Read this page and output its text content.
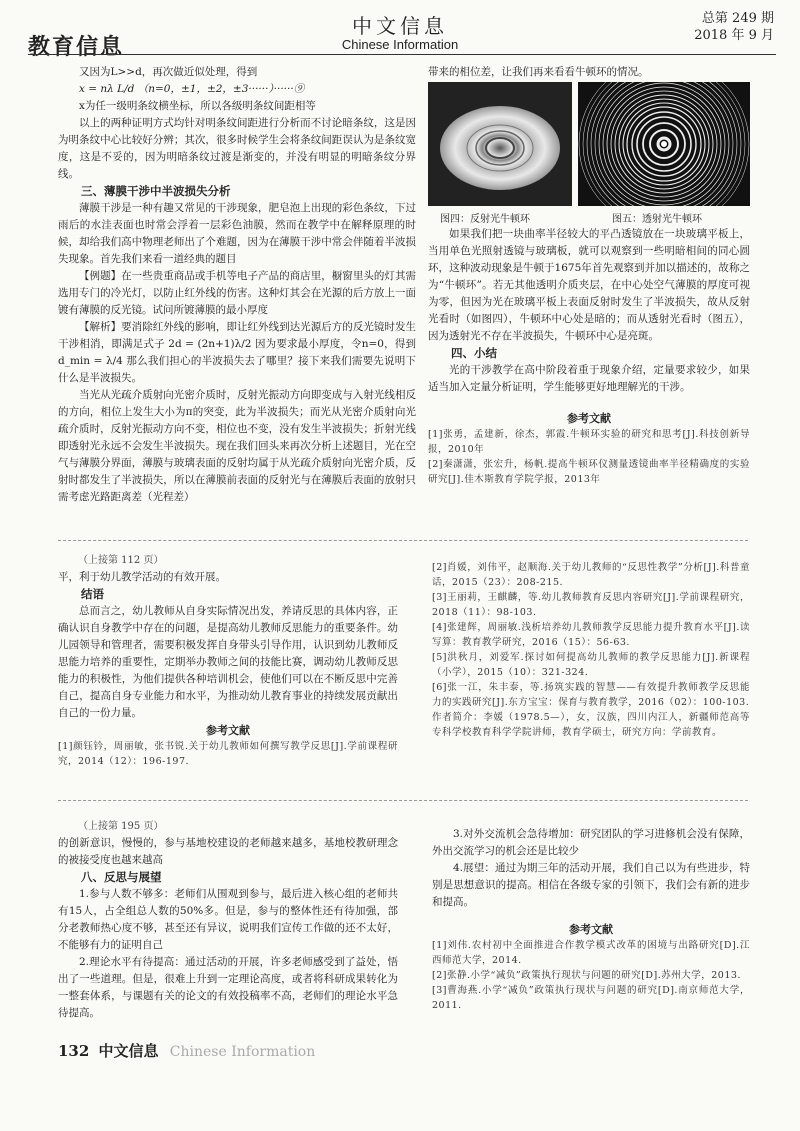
教育信息
中文信息
Chinese Information
总第 249 期
2018 年 9 月

又因为L>>d，再次做近似处理，得到

x = nλ L/d （n=0，±1，±2，±3······）······⑨

x为任一级明条纹横坐标，所以各级明条纹间距相等

以上的两种证明方式均针对明条纹间距进行分析而不讨论暗条纹，这是因为明条纹中心比较好分辨；其次，很多时候学生会将条纹间距误认为是条纹宽度，这是不妥的，因为明暗条纹过渡是渐变的，并没有明显的明暗条纹分界线。

三、薄膜干涉中半波损失分析

薄膜干涉是一种有趣又常见的干涉现象，肥皂泡上出现的彩色条纹，下过雨后的水洼表面也时常会浮着一层彩色油膜，然而在教学中在解释原理的时候，却给我们高中物理老师出了个难题，因为在薄膜干涉中常会伴随着半波损失现象。首先我们来看一道经典的题目

【例题】在一些贵重商品或手机等电子产品的商店里，橱窗里头的灯其需选用专门的冷光灯，以防止红外线的伤害。这种灯其会在光源的后方放上一面镀有薄膜的反光镜。试问所镀薄膜的最小厚度

【解析】要消除红外线的影响，即让红外线到达光源后方的反光镜时发生干涉相消，即满足式子 2d = (2n+1)λ/2 因为要求最小厚度，令n=0，得到 d_min = λ/4 那么我们担心的半波损失去了哪里？接下来我们需要先说明下什么是半波损失。

当光从光疏介质射向光密介质时，反射光振动方向即变成与入射光线相反的方向，相位上发生大小为π的突变，此为半波损失；而光从光密介质射向光疏介质时，反射光振动方向不变，相位也不变，没有发生半波损失；折射光线即透射光永远不会发生半波损失。现在我们回头来再次分析上述题目，光在空气与薄膜分界面，薄膜与玻璃表面的反射均属于从光疏介质射向光密介质，反射时都发生了半波损失，所以在薄膜前表面的反射光与在薄膜后表面的放射只需考虑光路距离差（光程差）

带来的相位差，让我们再来看看牛顿环的情况。

图四：反射光牛顿环	图五：透射光牛顿环

如果我们把一块曲率半径较大的平凸透镜放在一块玻璃平板上，当用单色光照射透镜与玻璃板，就可以观察到一些明暗相间的同心圆环，这种波动现象是牛顿于1675年首先观察到并加以描述的，故称之为“牛顿环”。若无其他透明介质夹层，在中心处空气薄膜的厚度可视为零，但因为光在玻璃平板上表面反射时发生了半波损失，故从反射光看时（如图四），牛顿环中心处是暗的；而从透射光看时（图五），因为透射光不存在半波损失，牛顿环中心是亮斑。

四、小结

光的干涉教学在高中阶段着重于现象介绍，定量要求较少，如果适当加入定量分析证明，学生能够更好地理解光的干涉。

参考文献

[1]张勇，孟建新，徐杰，郭霞.牛顿环实验的研究和思考[J].科技创新导报，2010年

[2]秦潇潇，张宏升，杨帆.提高牛顿环仪测量透镜曲率半径精确度的实验研究[J].佳木斯教育学院学报，2013年

（上接第 112 页）

平，利于幼儿教学活动的有效开展。

结语

总而言之，幼儿教师从自身实际情况出发，养请反思的具体内容，正确认识自身教学中存在的问题，是提高幼儿教师反思能力的重要条件。幼儿园领导和管理者，需要积极发挥自身带头引导作用，认识到幼儿教师反思能力培养的重要性，定期举办教师之间的技能比赛，调动幼儿教师反思能力的积极性，为他们提供各种培训机会，使他们可以在不断反思中完善自己，提高自身专业能力和水平，为推动幼儿教育事业的持续发展贡献出自己的一份力量。

参考文献

[1]颜钰钤，周丽敏，张书锐.关于幼儿教师如何撰写教学反思[J].学前课程研究，2014（12）：196-197.

[2]肖媛，刘伟平，赵顺海.关于幼儿教师的“反思性教学”分析[J].科普童话，2015（23）：208-215.

[3]王丽莉，王麒麟，等.幼儿教师教育反思内容研究[J].学前课程研究，2018（11）：98-103.

[4]张建辉，周丽敏.浅析培养幼儿教师教学反思能力提升教育水平[J].读写算：教育教学研究，2016（15）：56-63.

[5]洪秋月，刘爱军.探讨如何提高幼儿教师的教学反思能力[J].新课程（小学），2015（10）：321-324.

[6]张一江，朱丰泰，等.扬筑实践的智慧——有效提升教师教学反思能力的实践研究[J].东方宝宝：保育与教育教学，2016（02）：100-103.

作者简介：李媛（1978.5—），女，汉族，四川内江人，新疆师范高等专科学校教育科学学院讲师，教育学硕士，研究方向：学前教育。

（上接第 195 页）

的创新意识，慢慢的，参与基地校建设的老师越来越多，基地校教研理念的被接受度也越来越高

八、反思与展望

1.参与人数不够多：老师们从围观到参与，最后进入核心组的老师共有15人，占全组总人数的50%多。但是，参与的整体性还有待加强，部分老教师热心度不够，甚至还有异议，说明我们宣传工作做的还不太好，不能够有力的证明自己

2.理论水平有待提高：通过活动的开展，许多老师感受到了益处，悟出了一些道理。但是，很难上升到一定理论高度，或者将科研成果转化为一整套体系，与课题有关的论文的有效投稿率不高，老师们的理论水平急待提高。

3.对外交流机会急待增加：研究团队的学习进修机会没有保障，外出交流学习的机会还是比较少

4.展望：通过为期三年的活动开展，我们自己以为有些进步，特别是思想意识的提高。相信在各级专家的引领下，我们会有新的进步和提高。

参考文献

[1]刘伟.农村初中全面推进合作教学模式改革的困境与出路研究[D].江西师范大学，2014.

[2]张静.小学“减负”政策执行现状与问题的研究[D].苏州大学，2013.

[3]曹海燕.小学“减负”政策执行现状与问题的研究[D].南京师范大学，2011.

132 中文信息 Chinese Information
